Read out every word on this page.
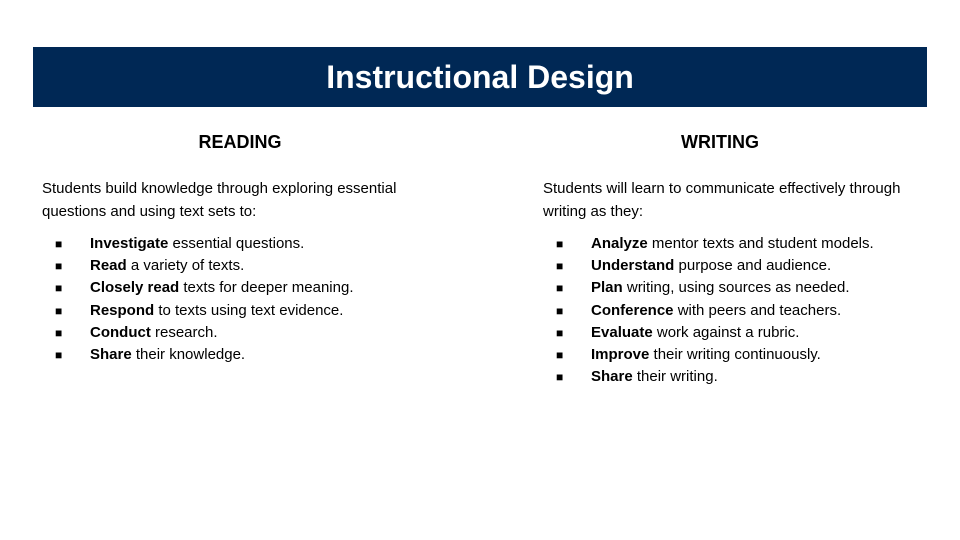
Instructional Design
READING

Students build knowledge through exploring essential questions and using text sets to:

■ Investigate essential questions.
■ Read a variety of texts.
■ Closely read texts for deeper meaning.
■ Respond to texts using text evidence.
■ Conduct research.
■ Share their knowledge.
WRITING

Students will learn to communicate effectively through writing as they:

■ Analyze mentor texts and student models.
■ Understand purpose and audience.
■ Plan writing, using sources as needed.
■ Conference with peers and teachers.
■ Evaluate work against a rubric.
■ Improve their writing continuously.
■ Share their writing.
